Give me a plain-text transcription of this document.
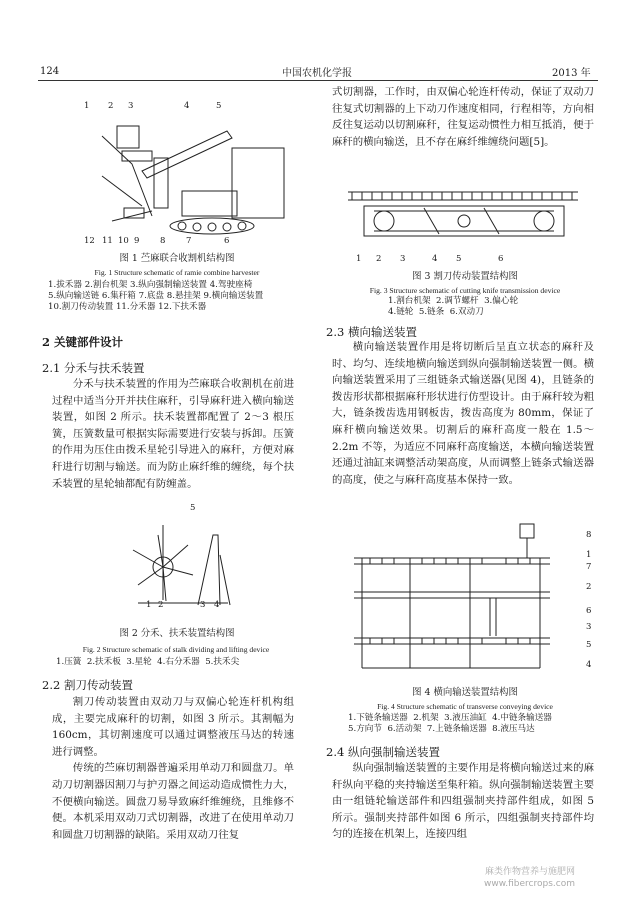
124	中国农机化学报	2013 年
1 2 3	4	5
12 11 10 9 8 7	6
图 1 苎麻联合收割机结构图
Fig. 1 Structure schematic of ramie combine harvester
1.拔禾器 2.割台机架 3.纵向强制输送装置 4.驾驶座椅
5.纵向输送链 6.集秆箱 7.底盘 8.悬挂架 9.横向输送装置
10.割刀传动装置 11.分禾器 12.下扶禾器
2 关键部件设计
2.1 分禾与扶禾装置

分禾与扶禾装置的作用为苎麻联合收割机在前进过程中适当分开并扶住麻秆，引导麻秆进入横向输送装置，如图 2 所示。扶禾装置都配置了 2～3 根压簧，压簧数量可根据实际需要进行安装与拆卸。压簧的作用为压住由拨禾星轮引导进入的麻秆，方便对麻秆进行切割与输送。而为防止麻纤维的缠绕，每个扶禾装置的星轮轴都配有防缠盖。

5
1 2	3 4
图 2 分禾、扶禾装置结构图
Fig. 2 Structure schematic of stalk dividing and lifting device
1.压簧 2.扶禾板 3.星轮 4.右分禾器 5.扶禾尖
2.2 割刀传动装置

割刀传动装置由双动刀与双偏心轮连杆机构组成，主要完成麻秆的切割，如图 3 所示。其割幅为 160cm，其切割速度可以通过调整液压马达的转速进行调整。

传统的苎麻切割器普遍采用单动刀和圆盘刀。单动刀切割器因割刀与护刃器之间运动造成惯性力大，不便横向输送。圆盘刀易导致麻纤维缠绕，且维修不便。本机采用双动刀式切割器，改进了在使用单动刀和圆盘刀切割器的缺陷。采用双动刀往复

式切割器，工作时，由双偏心轮连杆传动，保证了双动刀往复式切割器的上下动刀作速度相同，行程相等，方向相反往复运动以切割麻秆，往复运动惯性力相互抵消，便于麻秆的横向输送，且不存在麻纤维缠绕问题[5]。

1 2 3	4 5	6
图 3 割刀传动装置结构图
Fig. 3 Structure schematic of cutting knife transmission device
1.割台机架 2.调节螺杆 3.偏心轮
4.链轮 5.链条 6.双动刀
2.3 横向输送装置

横向输送装置作用是将切断后呈直立状态的麻秆及时、均匀、连续地横向输送到纵向强制输送装置一侧。横向输送装置采用了三组链条式输送器(见图 4)，且链条的拨齿形状都根据麻秆形状进行仿型设计。由于麻秆较为粗大，链条拨齿选用钢板齿，拨齿高度为 80mm，保证了麻秆横向输送效果。切割后的麻秆高度一般在 1.5～2.2m 不等，为适应不同麻秆高度输送，本横向输送装置还通过油缸来调整活动架高度，从而调整上链条式输送器的高度，使之与麻秆高度基本保持一致。

8
1
7
2
6
3
5
4
图 4 横向输送装置结构图
Fig. 4 Structure schematic of transverse conveying device
1.下链条输送器 2.机架 3.液压油缸 4.中链条输送器
5.方向节 6.活动架 7.上链条输送器 8.液压马达
2.4 纵向强制输送装置

纵向强制输送装置的主要作用是将横向输送过来的麻秆纵向平稳的夹持输送至集秆箱。纵向强制输送装置主要由一组链轮输送部件和四组强制夹持部件组成，如图 5 所示。强制夹持部件如图 6 所示，四组强制夹持部件均匀的连接在机架上，连接四组

麻类作物营养与施肥网
www.fibercrops.com
